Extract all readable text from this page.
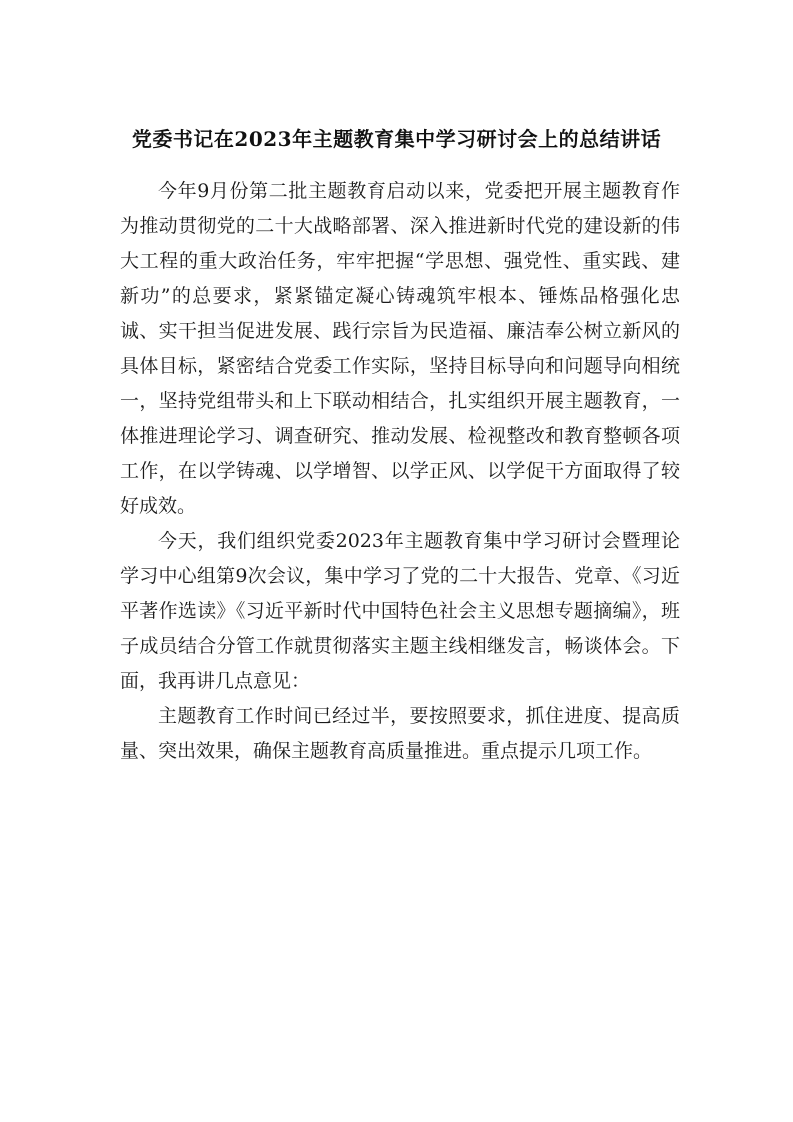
党委书记在2023年主题教育集中学习研讨会上的总结讲话

今年9月份第二批主题教育启动以来，党委把开展主题教育作为推动贯彻党的二十大战略部署、深入推进新时代党的建设新的伟大工程的重大政治任务，牢牢把握“学思想、强党性、重实践、建新功”的总要求，紧紧锚定凝心铸魂筑牢根本、锤炼品格强化忠诚、实干担当促进发展、践行宗旨为民造福、廉洁奉公树立新风的具体目标，紧密结合党委工作实际，坚持目标导向和问题导向相统一，坚持党组带头和上下联动相结合，扎实组织开展主题教育，一体推进理论学习、调查研究、推动发展、检视整改和教育整顿各项工作，在以学铸魂、以学增智、以学正风、以学促干方面取得了较好成效。

今天，我们组织党委2023年主题教育集中学习研讨会暨理论学习中心组第9次会议，集中学习了党的二十大报告、党章、《习近平著作选读》《习近平新时代中国特色社会主义思想专题摘编》，班子成员结合分管工作就贯彻落实主题主线相继发言，畅谈体会。下面，我再讲几点意见：

主题教育工作时间已经过半，要按照要求，抓住进度、提高质量、突出效果，确保主题教育高质量推进。重点提示几项工作。
